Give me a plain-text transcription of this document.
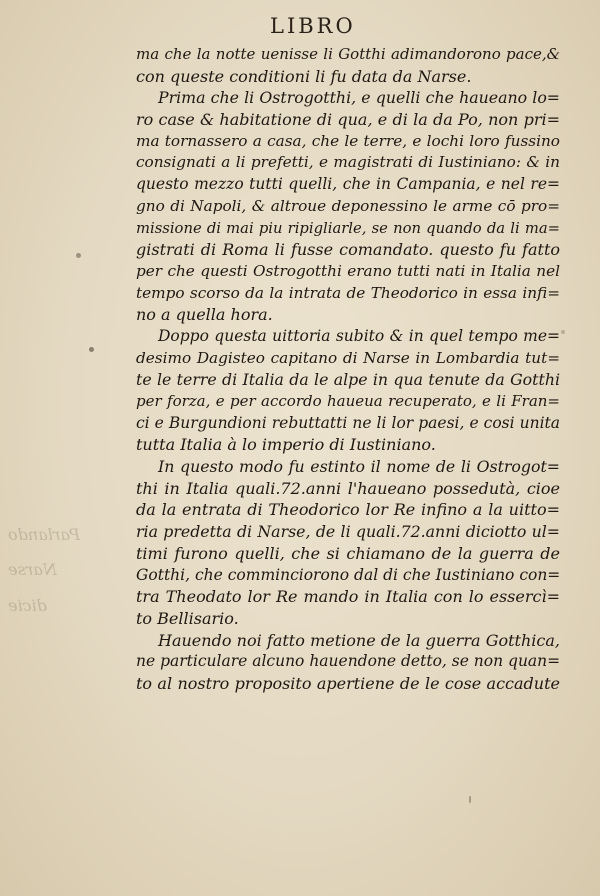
LIBRO
Parlando
Narse
dicie
ma che la notte uenisse li Gotthi adimandorono pace,&
con queste conditioni li fu data da Narse.
Prima che li Ostrogotthi, e quelli che haueano lo=
ro case & habitatione di qua, e di la da Po, non pri=
ma tornassero a casa, che le terre, e lochi loro fussino
consignati a li prefetti, e magistrati di Iustiniano: & in
questo mezzo tutti quelli, che in Campania, e nel re=
gno di Napoli, & altroue deponessino le arme cō pro=
missione di mai piu ripigliarle, se non quando da li ma=
gistrati di Roma li fusse comandato. questo fu fatto
per che questi Ostrogotthi erano tutti nati in Italia nel
tempo scorso da la intrata de Theodorico in essa infi=
no a quella hora.
Doppo questa uittoria subito & in quel tempo me=
desimo Dagisteo capitano di Narse in Lombardia tut=
te le terre di Italia da le alpe in qua tenute da Gotthi
per forza, e per accordo haueua recuperato, e li Fran=
ci e Burgundioni rebuttatti ne li lor paesi, e cosi unita
tutta Italia à lo imperio di Iustiniano.
In questo modo fu estinto il nome de li Ostrogot=
thi in Italia quali.72.anni l'haueano possedutà, cioe
da la entrata di Theodorico lor Re infino a la uitto=
ria predetta di Narse, de li quali.72.anni diciotto ul=
timi furono quelli, che si chiamano de la guerra de
Gotthi, che comminciorono dal di che Iustiniano con=
tra Theodato lor Re mando in Italia con lo essercì=
to Bellisario.
Hauendo noi fatto metione de la guerra Gotthica,
ne particulare alcuno hauendone detto, se non quan=
to al nostro proposito apertiene de le cose accadute
